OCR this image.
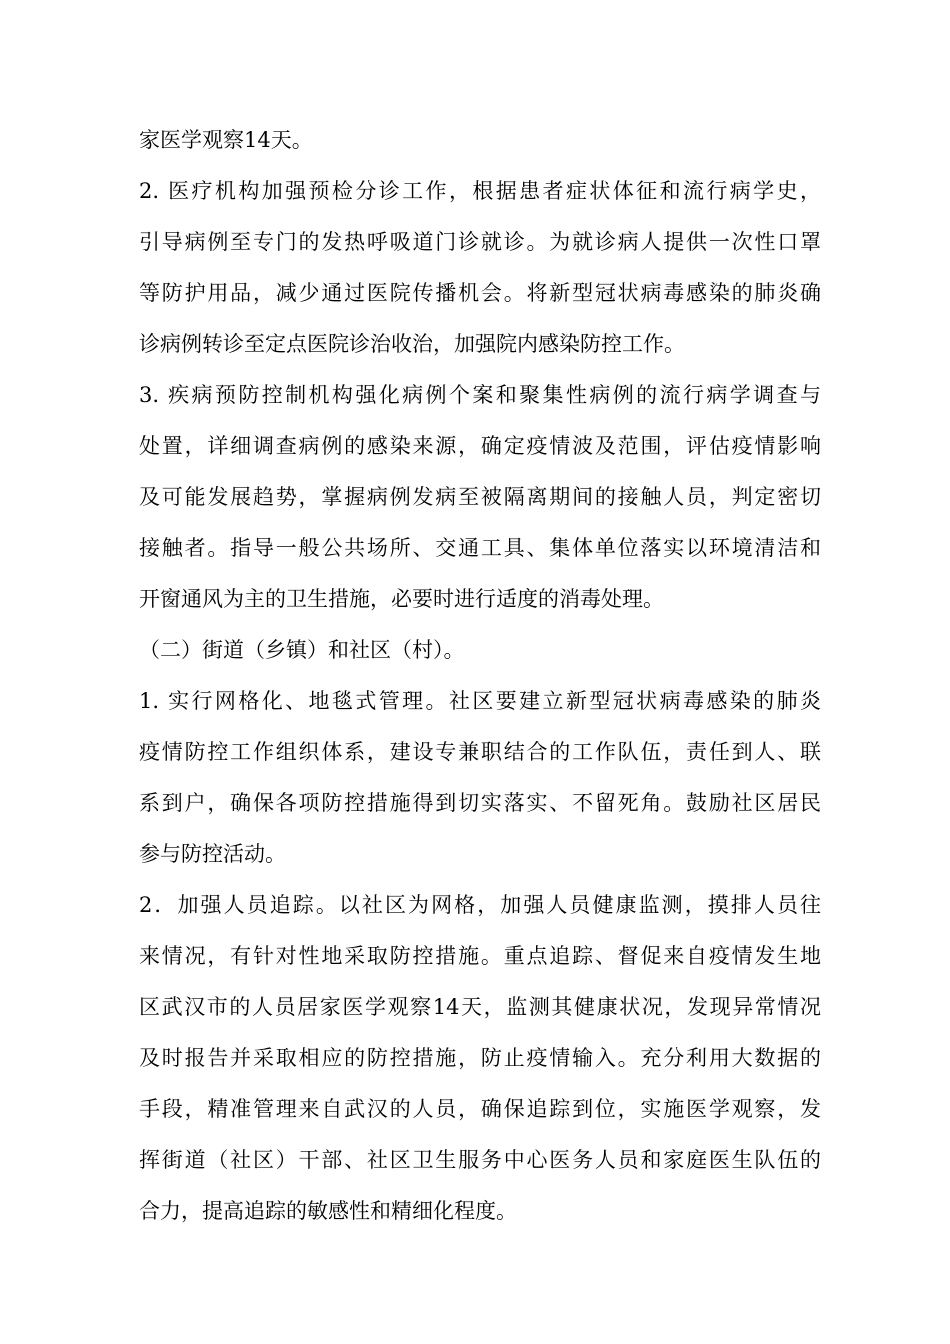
家医学观察14天。
2. 医疗机构加强预检分诊工作，根据患者症状体征和流行病学史，
引导病例至专门的发热呼吸道门诊就诊。为就诊病人提供一次性口罩
等防护用品，减少通过医院传播机会。将新型冠状病毒感染的肺炎确
诊病例转诊至定点医院诊治收治，加强院内感染防控工作。
3. 疾病预防控制机构强化病例个案和聚集性病例的流行病学调查与
处置，详细调查病例的感染来源，确定疫情波及范围，评估疫情影响
及可能发展趋势，掌握病例发病至被隔离期间的接触人员，判定密切
接触者。指导一般公共场所、交通工具、集体单位落实以环境清洁和
开窗通风为主的卫生措施，必要时进行适度的消毒处理。
（二）街道（乡镇）和社区（村）。
1. 实行网格化、地毯式管理。社区要建立新型冠状病毒感染的肺炎
疫情防控工作组织体系，建设专兼职结合的工作队伍，责任到人、联
系到户，确保各项防控措施得到切实落实、不留死角。鼓励社区居民
参与防控活动。
2．加强人员追踪。以社区为网格，加强人员健康监测，摸排人员往
来情况，有针对性地采取防控措施。重点追踪、督促来自疫情发生地
区武汉市的人员居家医学观察14天，监测其健康状况，发现异常情况
及时报告并采取相应的防控措施，防止疫情输入。充分利用大数据的
手段，精准管理来自武汉的人员，确保追踪到位，实施医学观察，发
挥街道（社区）干部、社区卫生服务中心医务人员和家庭医生队伍的
合力，提高追踪的敏感性和精细化程度。
